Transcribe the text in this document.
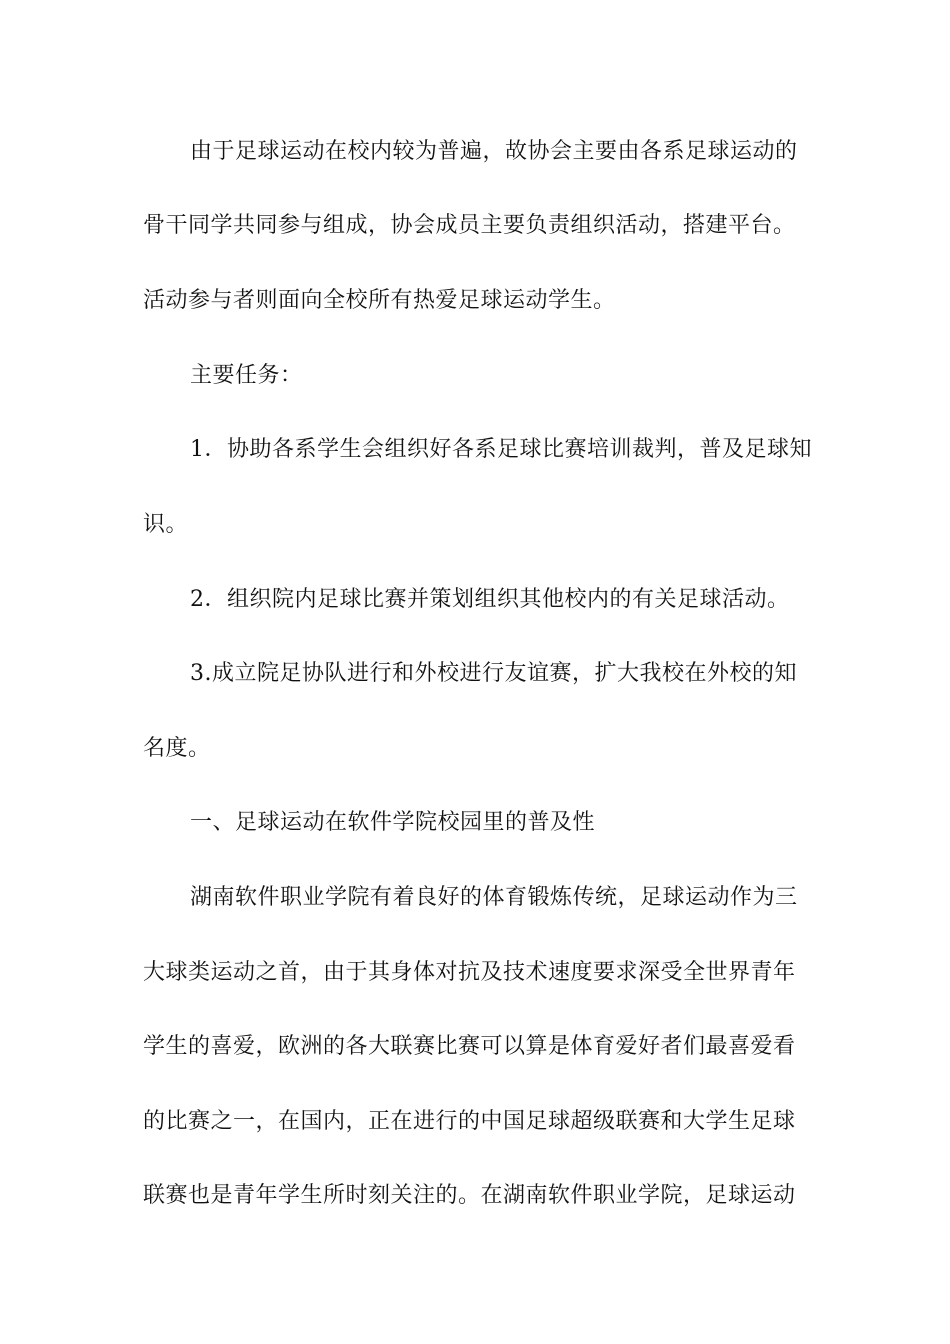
由于足球运动在校内较为普遍，故协会主要由各系足球运动的
骨干同学共同参与组成，协会成员主要负责组织活动，搭建平台。
活动参与者则面向全校所有热爱足球运动学生。
主要任务：
1．协助各系学生会组织好各系足球比赛培训裁判，普及足球知
识。
2．组织院内足球比赛并策划组织其他校内的有关足球活动。
3.成立院足协队进行和外校进行友谊赛，扩大我校在外校的知
名度。
一、足球运动在软件学院校园里的普及性
湖南软件职业学院有着良好的体育锻炼传统，足球运动作为三
大球类运动之首，由于其身体对抗及技术速度要求深受全世界青年
学生的喜爱，欧洲的各大联赛比赛可以算是体育爱好者们最喜爱看
的比赛之一，在国内，正在进行的中国足球超级联赛和大学生足球
联赛也是青年学生所时刻关注的。在湖南软件职业学院，足球运动
